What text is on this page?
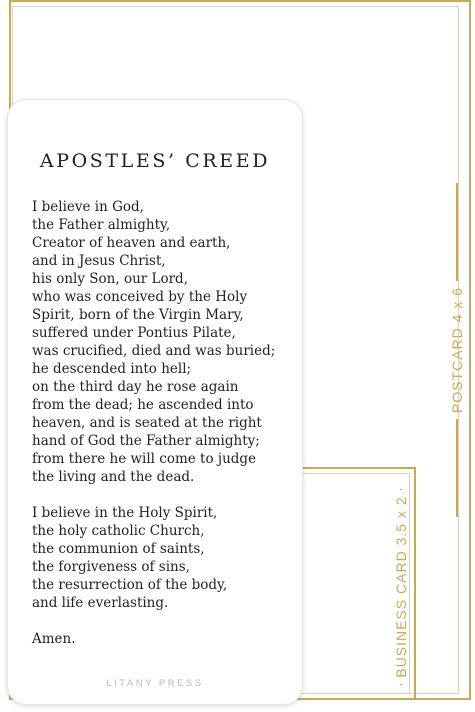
POSTCARD 4 x 6
BUSINESS CARD 3.5 x 2
APOSTLES’ CREED
I believe in God,
the Father almighty,
Creator of heaven and earth,
and in Jesus Christ,
his only Son, our Lord,
who was conceived by the Holy
Spirit, born of the Virgin Mary,
suffered under Pontius Pilate,
was crucified, died and was buried;
he descended into hell;
on the third day he rose again
from the dead; he ascended into
heaven, and is seated at the right
hand of God the Father almighty;
from there he will come to judge
the living and the dead.
I believe in the Holy Spirit,
the holy catholic Church,
the communion of saints,
the forgiveness of sins,
the resurrection of the body,
and life everlasting.
Amen.
LITANY PRESS
